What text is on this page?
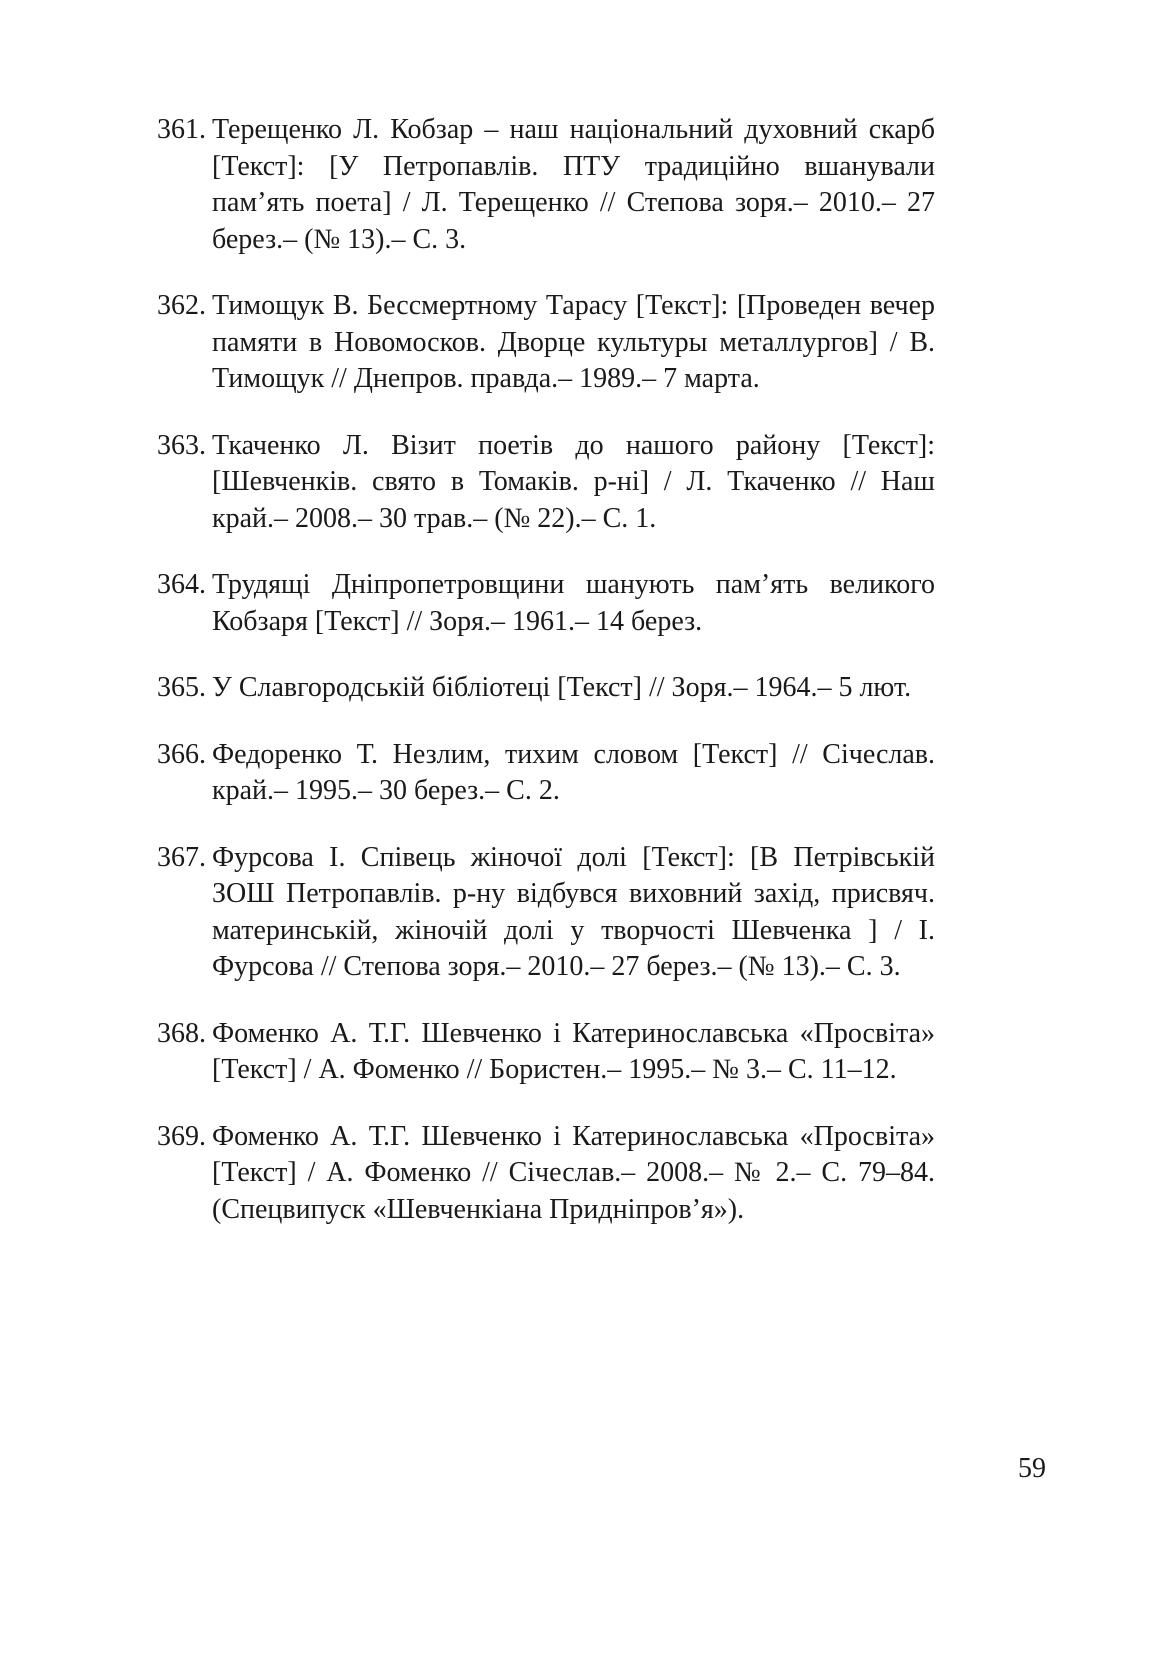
361. Терещенко Л. Кобзар – наш національний духовний скарб [Текст]: [У Петропавлів. ПТУ традиційно вшанували пам’ять поета] / Л. Терещенко // Степова зоря.– 2010.– 27 берез.– (№ 13).– С. 3.
362. Тимощук В. Бессмертному Тарасу [Текст]: [Проведен вечер памяти в Новомосков. Дворце культуры металлургов] / В. Тимощук // Днепров. правда.– 1989.– 7 марта.
363. Ткаченко Л. Візит поетів до нашого району [Текст]: [Шевченків. свято в Томаків. р-ні] / Л. Ткаченко // Наш край.– 2008.– 30 трав.– (№ 22).– С. 1.
364. Трудящі Дніпропетровщини шанують пам’ять великого Кобзаря [Текст] // Зоря.– 1961.– 14 берез.
365. У Славгородській бібліотеці [Текст] // Зоря.– 1964.– 5 лют.
366. Федоренко Т. Незлим, тихим словом [Текст] // Січеслав. край.– 1995.– 30 берез.– С. 2.
367. Фурсова І. Співець жіночої долі [Текст]: [В Петрівській ЗОШ Петропавлів. р-ну відбувся виховний захід, присвяч. материнській, жіночій долі у творчості Шевченка ] / І. Фурсова // Степова зоря.– 2010.– 27 берез.– (№ 13).– С. 3.
368. Фоменко А. Т.Г. Шевченко і Катеринославська «Просвіта» [Текст] / А. Фоменко // Бористен.– 1995.– № 3.– С. 11–12.
369. Фоменко А. Т.Г. Шевченко і Катеринославська «Просвіта» [Текст] / А. Фоменко // Січеслав.– 2008.– № 2.– С. 79–84. (Спецвипуск «Шевченкіана Придніпров’я»).
59
